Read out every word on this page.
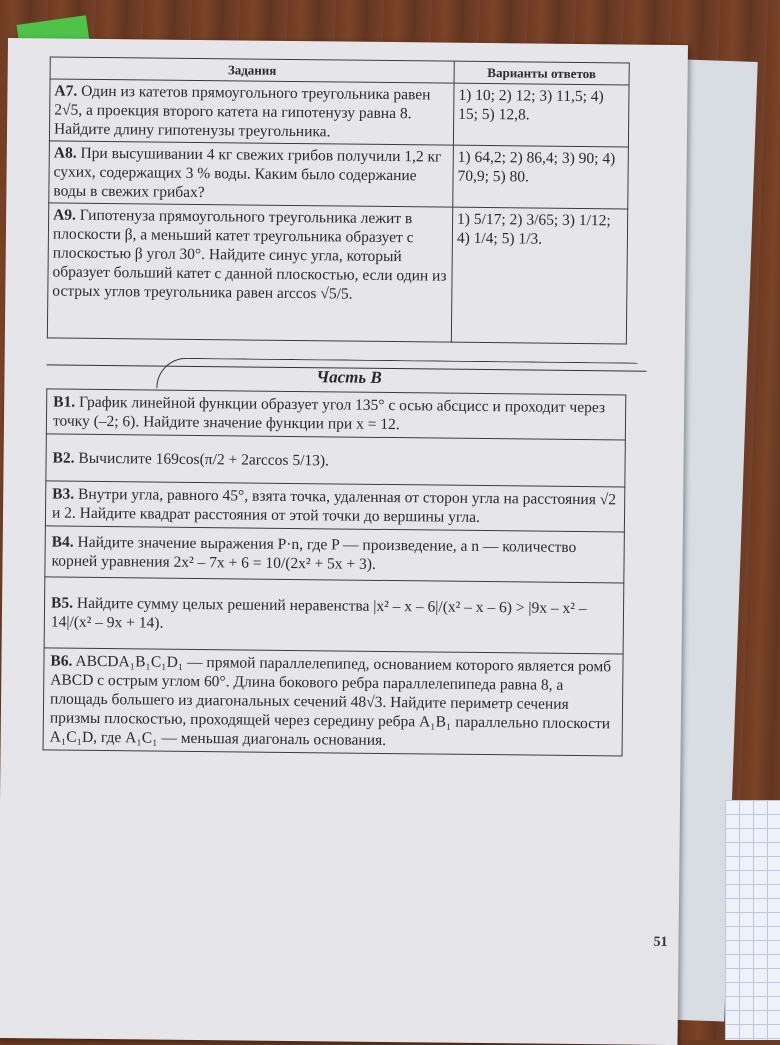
Задания	Варианты ответов
A7. Один из катетов прямоугольного треугольника равен 2√5, а проекция второго катета на гипотенузу равна 8. Найдите длину гипотенузы треугольника.	1) 10; 2) 12; 3) 11,5; 4) 15; 5) 12,8.
A8. При высушивании 4 кг свежих грибов получили 1,2 кг сухих, содержащих 3 % воды. Каким было содержание воды в свежих грибах?	1) 64,2; 2) 86,4; 3) 90; 4) 70,9; 5) 80.
A9. Гипотенуза прямоугольного треугольника лежит в плоскости β, а меньший катет треугольника образует с плоскостью β угол 30°. Найдите синус угла, который образует больший катет с данной плоскостью, если один из острых углов треугольника равен arccos √5/5.	1) 5/17; 2) 3/65; 3) 1/12; 4) 1/4; 5) 1/3.
Часть В
B1. График линейной функции образует угол 135° с осью абсцисс и проходит через точку (–2; 6). Найдите значение функции при x = 12.
B2. Вычислите 169cos(π/2 + 2arccos 5/13).
B3. Внутри угла, равного 45°, взята точка, удаленная от сторон угла на расстояния √2 и 2. Найдите квадрат расстояния от этой точки до вершины угла.
B4. Найдите значение выражения P·n, где P — произведение, а n — количество корней уравнения 2x² – 7x + 6 = 10/(2x² + 5x + 3).
B5. Найдите сумму целых решений неравенства |x² – x – 6|/(x² – x – 6) > |9x – x² – 14|/(x² – 9x + 14).
B6. ABCDA₁B₁C₁D₁ — прямой параллелепипед, основанием которого является ромб ABCD с острым углом 60°. Длина бокового ребра параллелепипеда равна 8, а площадь большего из диагональных сечений 48√3. Найдите периметр сечения призмы плоскостью, проходящей через середину ребра A₁B₁ параллельно плоскости A₁C₁D, где A₁C₁ — меньшая диагональ основания.
51
